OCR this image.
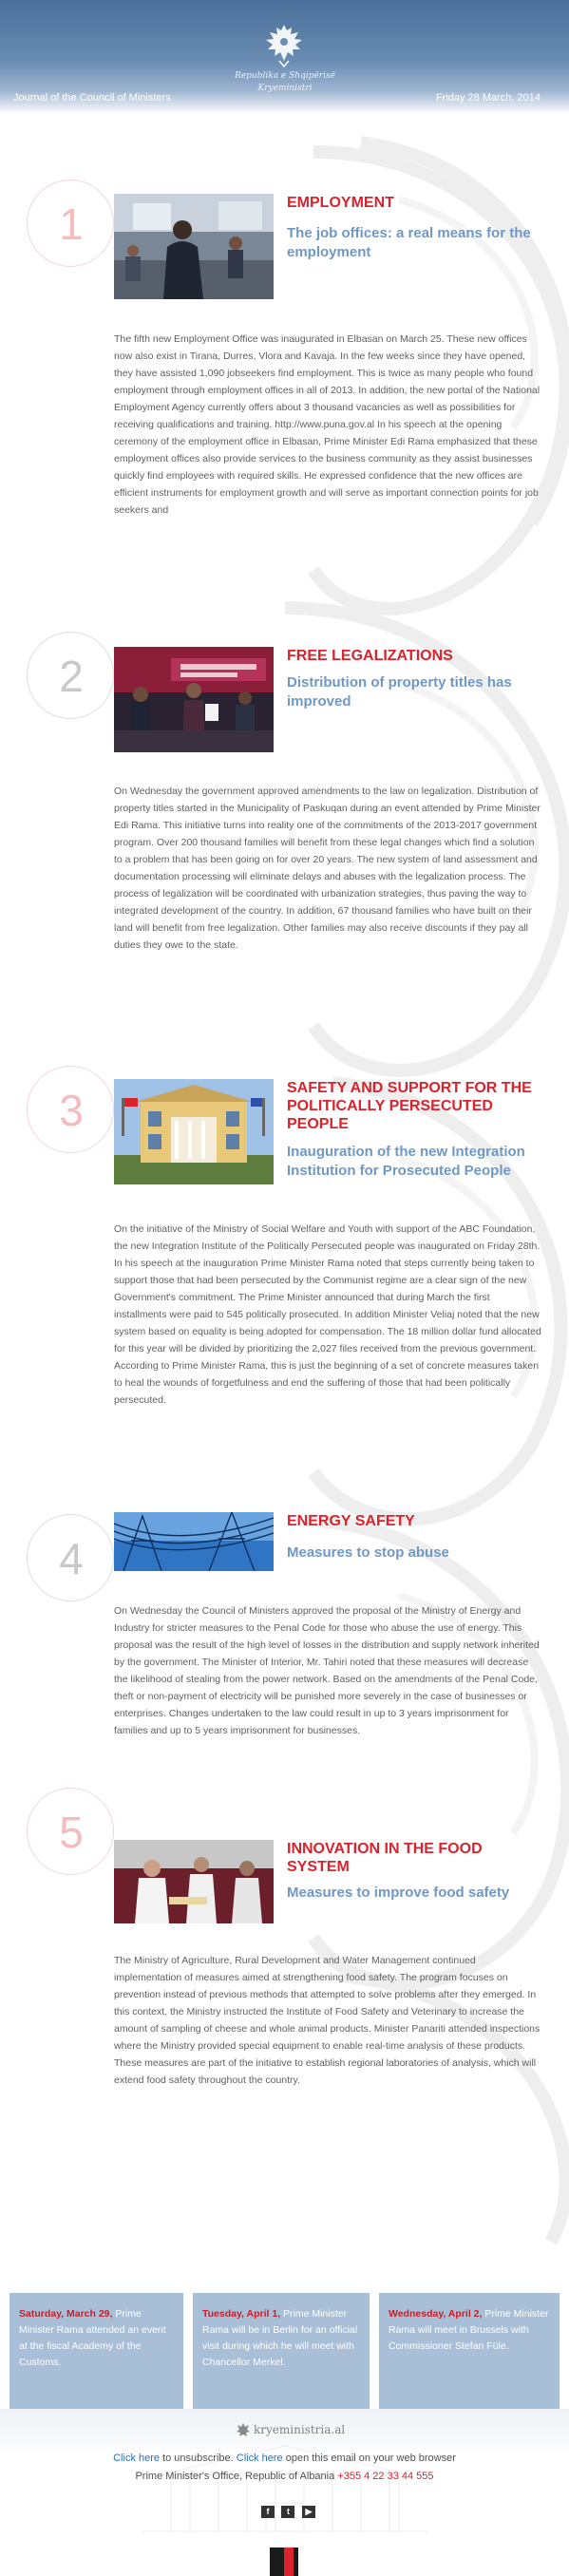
Republika e Shqipërisë
Kryeministri
Journal of the Council of Ministers	Friday 28 March, 2014
1	EMPLOYMENT
The job offices: a real means for the employment
The fifth new Employment Office was inaugurated in Elbasan on March 25. These new offices now also exist in Tirana, Durres, Vlora and Kavaja. In the few weeks since they have opened, they have assisted 1,090 jobseekers find employment. This is twice as many people who found employment through employment offices in all of 2013. In addition, the new portal of the National Employment Agency currently offers about 3 thousand vacancies as well as possibilities for receiving qualifications and training. http://www.puna.gov.al In his speech at the opening ceremony of the employment office in Elbasan, Prime Minister Edi Rama emphasized that these employment offices also provide services to the business community as they assist businesses quickly find employees with required skills. He expressed confidence that the new offices are efficient instruments for employment growth and will serve as important connection points for job seekers and
2	FREE LEGALIZATIONS
Distribution of property titles has improved
On Wednesday the government approved amendments to the law on legalization. Distribution of property titles started in the Municipality of Paskuqan during an event attended by Prime Minister Edi Rama. This initiative turns into reality one of the commitments of the 2013-2017 government program. Over 200 thousand families will benefit from these legal changes which find a solution to a problem that has been going on for over 20 years. The new system of land assessment and documentation processing will eliminate delays and abuses with the legalization process. The process of legalization will be coordinated with urbanization strategies, thus paving the way to integrated development of the country. In addition, 67 thousand families who have built on their land will benefit from free legalization. Other families may also receive discounts if they pay all duties they owe to the state.
3	SAFETY AND SUPPORT FOR THE POLITICALLY PERSECUTED PEOPLE
Inauguration of the new Integration Institution for Prosecuted People
On the initiative of the Ministry of Social Welfare and Youth with support of the ABC Foundation, the new Integration Institute of the Politically Persecuted people was inaugurated on Friday 28th. In his speech at the inauguration Prime Minister Rama noted that steps currently being taken to support those that had been persecuted by the Communist regime are a clear sign of the new Government's commitment. The Prime Minister announced that during March the first installments were paid to 545 politically prosecuted. In addition Minister Veliaj noted that the new system based on equality is being adopted for compensation. The 18 million dollar fund allocated for this year will be divided by prioritizing the 2,027 files received from the previous government. According to Prime Minister Rama, this is just the beginning of a set of concrete measures taken to heal the wounds of forgetfulness and end the suffering of those that had been politically persecuted.
4
ENERGY SAFETY
Measures to stop abuse
On Wednesday the Council of Ministers approved the proposal of the Ministry of Energy and Industry for stricter measures to the Penal Code for those who abuse the use of energy. This proposal was the result of the high level of losses in the distribution and supply network inherited by the government. The Minister of Interior, Mr. Tahiri noted that these measures will decrease the likelihood of stealing from the power network. Based on the amendments of the Penal Code, theft or non-payment of electricity will be punished more severely in the case of businesses or enterprises. Changes undertaken to the law could result in up to 3 years imprisonment for families and up to 5 years imprisonment for businesses.
5	INNOVATION IN THE FOOD SYSTEM
Measures to improve food safety
The Ministry of Agriculture, Rural Development and Water Management continued implementation of measures aimed at strengthening food safety. The program focuses on prevention instead of previous methods that attempted to solve problems after they emerged. In this context, the Ministry instructed the Institute of Food Safety and Veterinary to increase the amount of sampling of cheese and whole animal products. Minister Panariti attended inspections where the Ministry provided special equipment to enable real-time analysis of these products. These measures are part of the initiative to establish regional laboratories of analysis, which will extend food safety throughout the country.
Saturday, March 29, Prime Minister Rama attended an event at the fiscal Academy of the Customs.
Tuesday, April 1, Prime Minister Rama will be in Berlin for an official visit during which he will meet with Chancellor Merkel.
Wednesday, April 2, Prime Minister Rama will meet in Brussels with Commissioner Stefan Füle.
kryeministria.al
Click here to unsubscribe. Click here open this email on your web browser
Prime Minister's Office, Republic of Albania +355 4 22 33 44 555
f t ▶
